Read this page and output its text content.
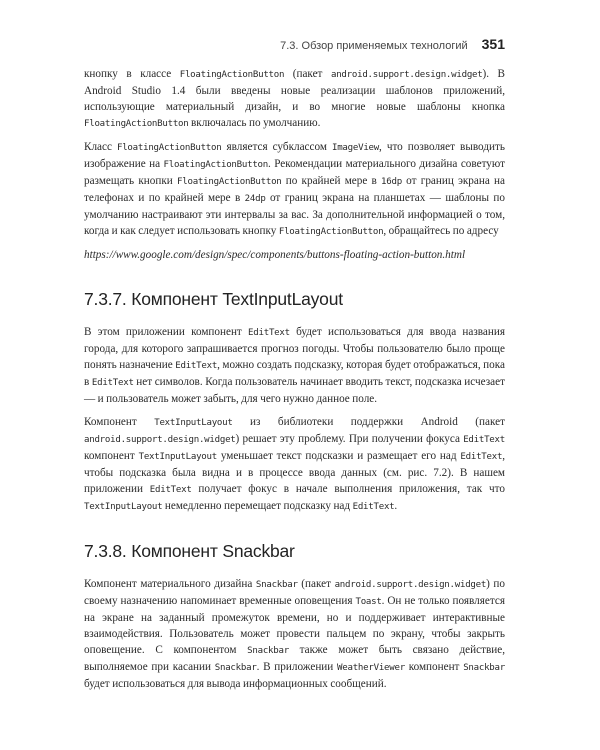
7.3. Обзор применяемых технологий 351

кнопку в классе FloatingActionButton (пакет android.support.design.widget). В Android Studio 1.4 были введены новые реализации шаблонов приложений, использующие материальный дизайн, и во многие новые шаблоны кнопка FloatingActionButton включалась по умолчанию.

Класс FloatingActionButton является субклассом ImageView, что позволяет выводить изображение на FloatingActionButton. Рекомендации материального дизайна советуют размещать кнопки FloatingActionButton по крайней мере в 16dp от границ экрана на телефонах и по крайней мере в 24dp от границ экрана на планшетах — шаблоны по умолчанию настраивают эти интервалы за вас. За дополнительной информацией о том, когда и как следует использовать кнопку FloatingActionButton, обращайтесь по адресу

https://www.google.com/design/spec/components/buttons-floating-action-button.html

7.3.7. Компонент TextInputLayout

В этом приложении компонент EditText будет использоваться для ввода названия города, для которого запрашивается прогноз погоды. Чтобы пользователю было проще понять назначение EditText, можно создать подсказку, которая будет отображаться, пока в EditText нет символов. Когда пользователь начинает вводить текст, подсказка исчезает — и пользователь может забыть, для чего нужно данное поле.

Компонент TextInputLayout из библиотеки поддержки Android (пакет android.support.design.widget) решает эту проблему. При получении фокуса EditText компонент TextInputLayout уменьшает текст подсказки и размещает его над EditText, чтобы подсказка была видна и в процессе ввода данных (см. рис. 7.2). В нашем приложении EditText получает фокус в начале выполнения приложения, так что TextInputLayout немедленно перемещает подсказку над EditText.

7.3.8. Компонент Snackbar

Компонент материального дизайна Snackbar (пакет android.support.design.widget) по своему назначению напоминает временные оповещения Toast. Он не только появляется на экране на заданный промежуток времени, но и поддерживает интерактивные взаимодействия. Пользователь может провести пальцем по экрану, чтобы закрыть оповещение. С компонентом Snackbar также может быть связано действие, выполняемое при касании Snackbar. В приложении WeatherViewer компонент Snackbar будет использоваться для вывода информационных сообщений.
